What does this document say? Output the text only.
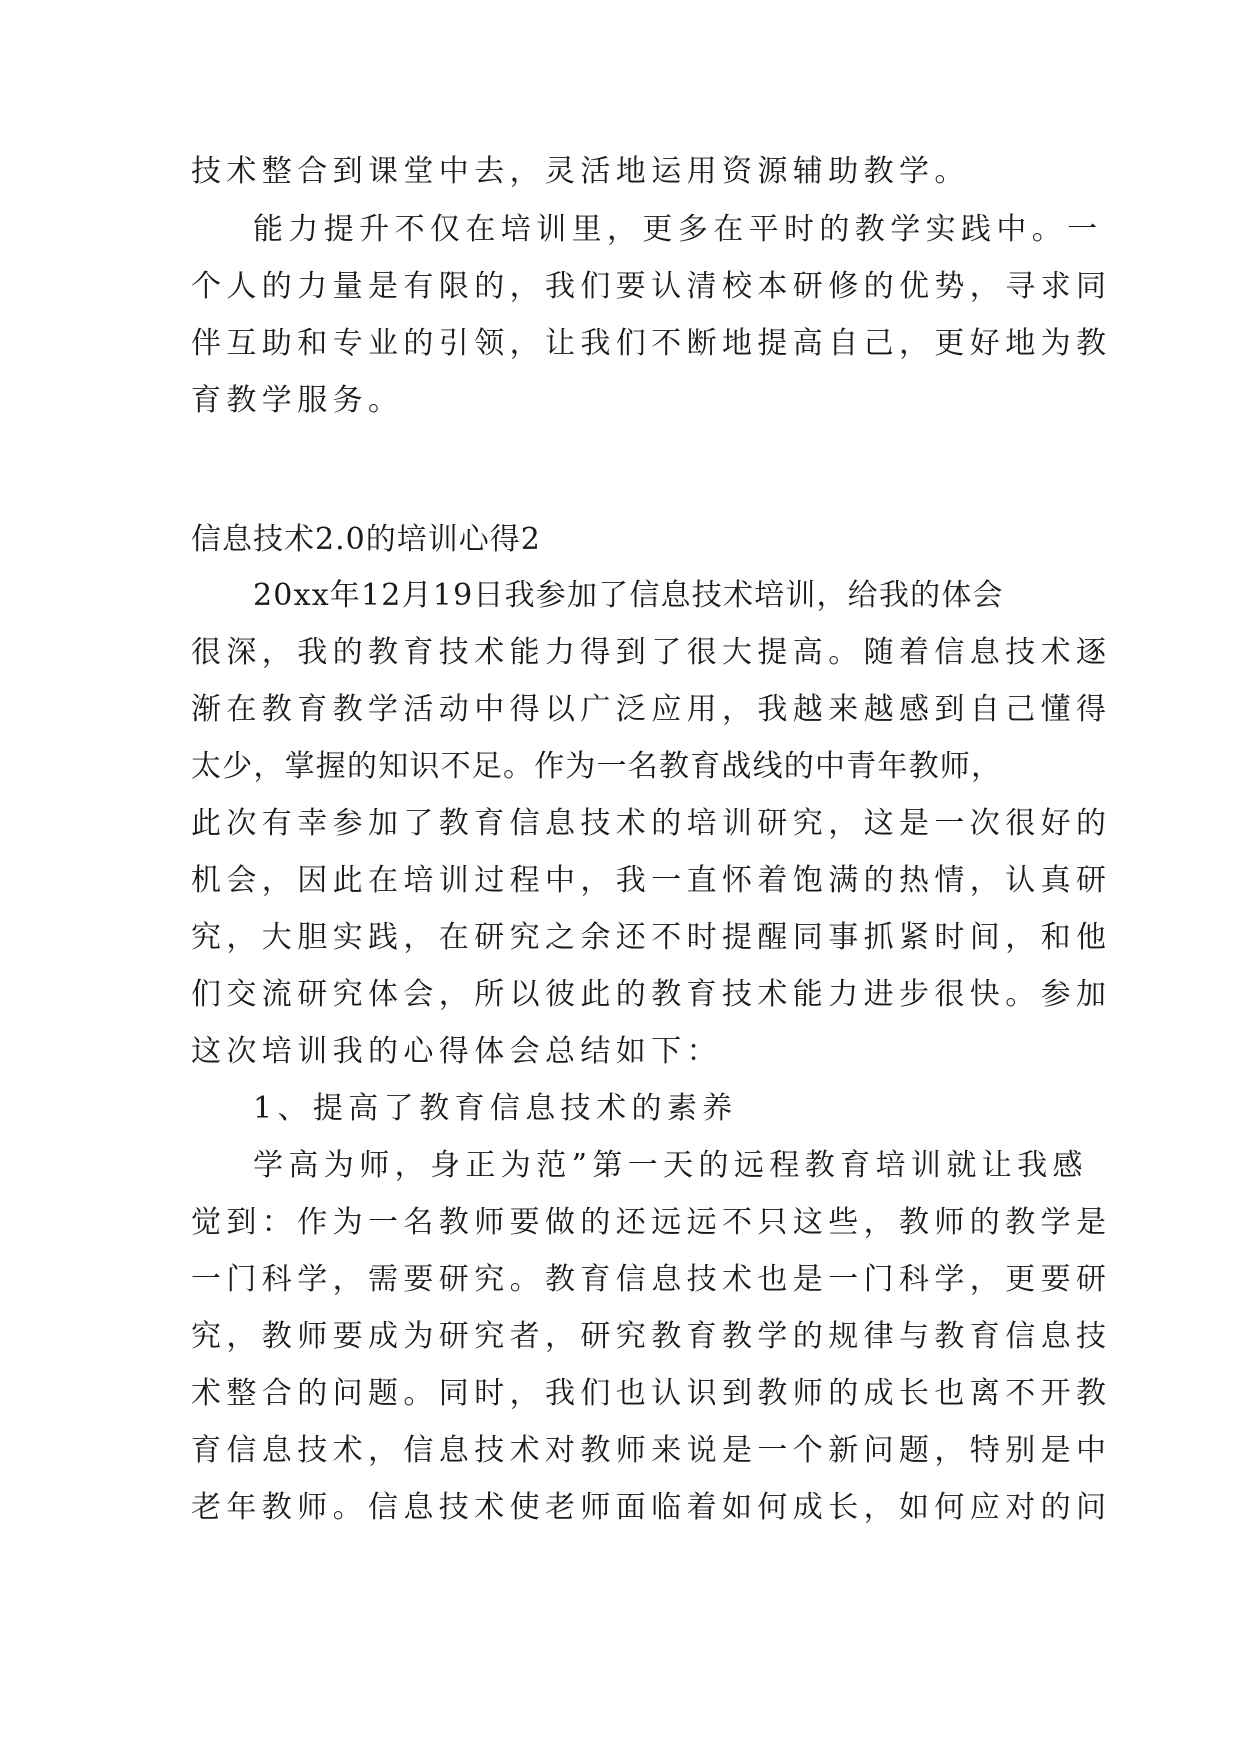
技术整合到课堂中去，灵活地运用资源辅助教学。
能力提升不仅在培训里，更多在平时的教学实践中。一
个人的力量是有限的，我们要认清校本研修的优势，寻求同
伴互助和专业的引领，让我们不断地提高自己，更好地为教
育教学服务。
信息技术2.0的培训心得2
20xx年12月19日我参加了信息技术培训，给我的体会
很深，我的教育技术能力得到了很大提高。随着信息技术逐
渐在教育教学活动中得以广泛应用，我越来越感到自己懂得
太少，掌握的知识不足。作为一名教育战线的中青年教师，
此次有幸参加了教育信息技术的培训研究，这是一次很好的
机会，因此在培训过程中，我一直怀着饱满的热情，认真研
究，大胆实践，在研究之余还不时提醒同事抓紧时间，和他
们交流研究体会，所以彼此的教育技术能力进步很快。参加
这次培训我的心得体会总结如下：
1、提高了教育信息技术的素养
学高为师，身正为范”第一天的远程教育培训就让我感
觉到：作为一名教师要做的还远远不只这些，教师的教学是
一门科学，需要研究。教育信息技术也是一门科学，更要研
究，教师要成为研究者，研究教育教学的规律与教育信息技
术整合的问题。同时，我们也认识到教师的成长也离不开教
育信息技术，信息技术对教师来说是一个新问题，特别是中
老年教师。信息技术使老师面临着如何成长，如何应对的问
